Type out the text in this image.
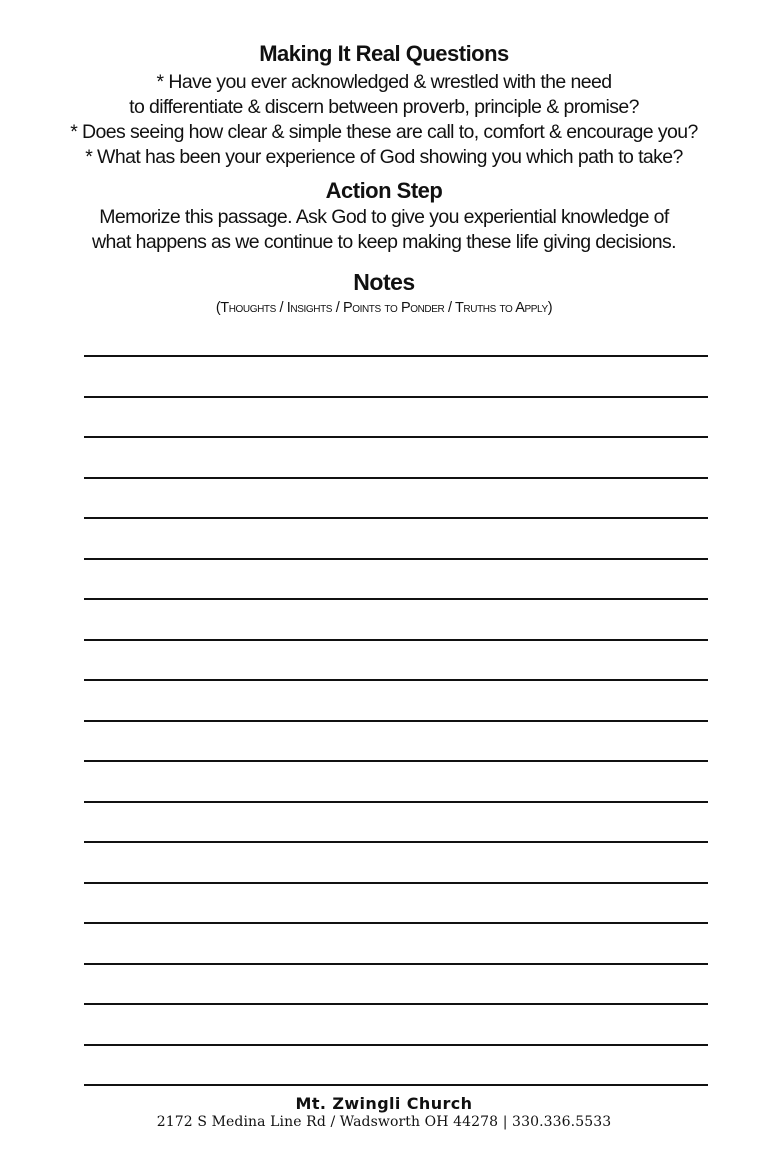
Making It Real Questions
* Have you ever acknowledged & wrestled with the need
to differentiate & discern between proverb, principle & promise?
* Does seeing how clear & simple these are call to, comfort & encourage you?
* What has been your experience of God showing you which path to take?
Action Step
Memorize this passage. Ask God to give you experiential knowledge of
what happens as we continue to keep making these life giving decisions.
Notes
(Thoughts / Insights / Points to Ponder / Truths to Apply)
Mt. Zwingli Church
2172 S Medina Line Rd / Wadsworth OH 44278 | 330.336.5533
